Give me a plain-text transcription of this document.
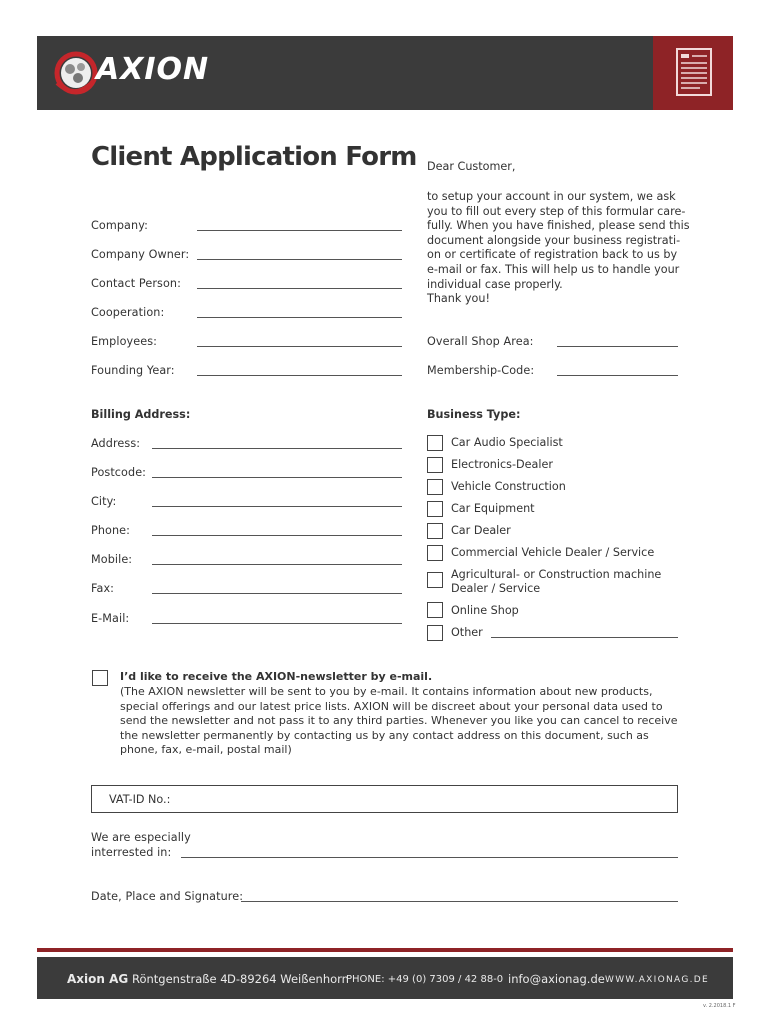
AXION
Client Application Form Dear Customer,
to setup your account in our system, we ask
you to fill out every step of this formular care-
fully. When you have finished, please send this
document alongside your business registrati-
on or certificate of registration back to us by
e-mail or fax. This will help us to handle your
individual case properly.
Thank you!
Company:
Company Owner:
Contact Person:
Cooperation:
Employees:
Founding Year:
Overall Shop Area:
Membership-Code:
Billing Address:
Address:
Postcode:
City:
Phone:
Mobile:
Fax:
E-Mail:
Business Type:
Car Audio Specialist
Electronics-Dealer
Vehicle Construction
Car Equipment
Car Dealer
Commercial Vehicle Dealer / Service
Agricultural- or Construction machine
Dealer / Service
Online Shop
Other
I’d like to receive the AXION-newsletter by e-mail.
(The AXION newsletter will be sent to you by e-mail. It contains information about new products,
special offerings and our latest price lists. AXION will be discreet about your personal data used to
send the newsletter and not pass it to any third parties. Whenever you like you can cancel to receive
the newsletter permanently by contacting us by any contact address on this document, such as
phone, fax, e-mail, postal mail)
VAT-ID No.:
We are especially
interrested in:
Date, Place and Signature:
Axion AG Röntgenstraße 4 D-89264 Weißenhorn
PHONE: +49 (0) 7309 / 42 88-0 info@axionag.de WWW.AXIONAG.DE
v. 2.2018.1 F
